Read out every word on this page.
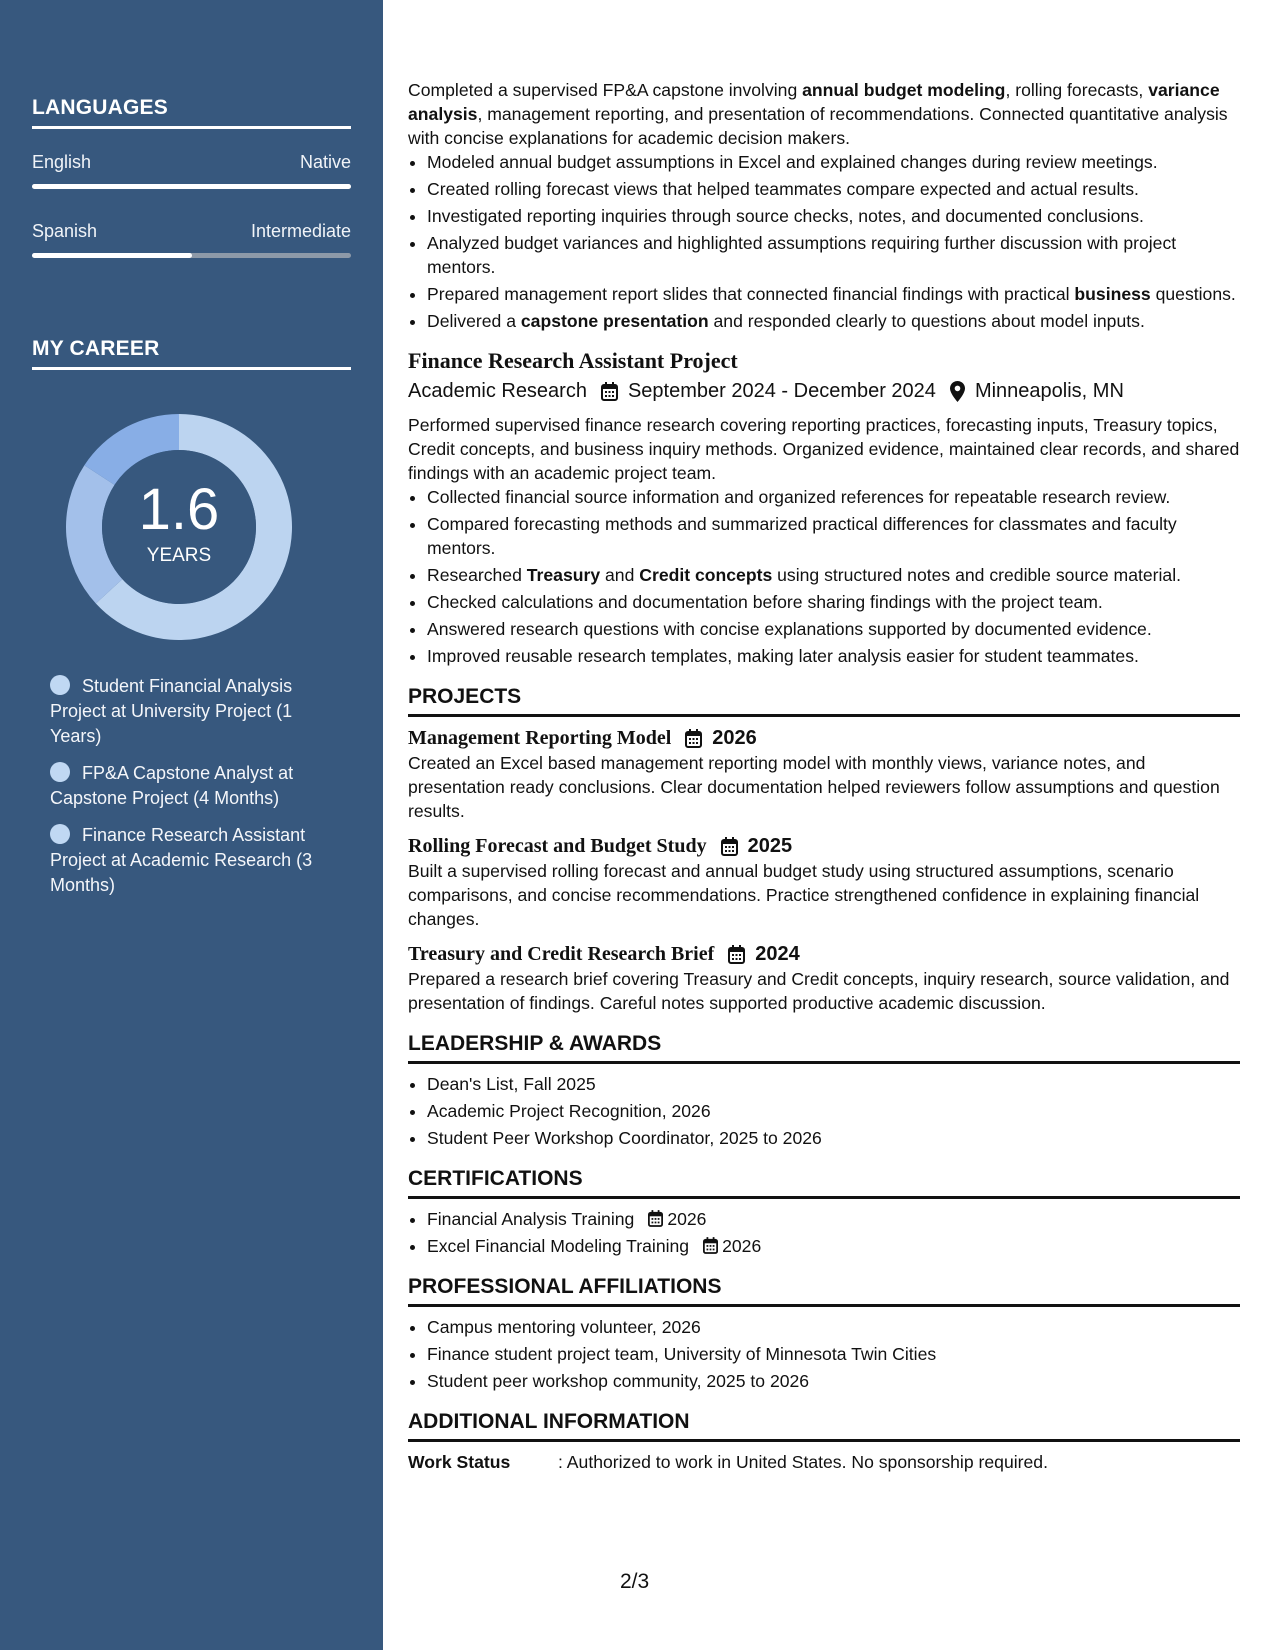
LANGUAGES
English	Native
Spanish	Intermediate
MY CAREER
1.6
YEARS
Student Financial Analysis Project at University Project (1 Years)
FP&A Capstone Analyst at Capstone Project (4 Months)
Finance Research Assistant Project at Academic Research (3 Months)

Completed a supervised FP&A capstone involving annual budget modeling, rolling forecasts, variance analysis, management reporting, and presentation of recommendations. Connected quantitative analysis with concise explanations for academic decision makers.

• Modeled annual budget assumptions in Excel and explained changes during review meetings.
• Created rolling forecast views that helped teammates compare expected and actual results.
• Investigated reporting inquiries through source checks, notes, and documented conclusions.
• Analyzed budget variances and highlighted assumptions requiring further discussion with project mentors.
• Prepared management report slides that connected financial findings with practical business questions.
• Delivered a capstone presentation and responded clearly to questions about model inputs.
Finance Research Assistant Project
Academic Research September 2024 - December 2024 Minneapolis, MN

Performed supervised finance research covering reporting practices, forecasting inputs, Treasury topics, Credit concepts, and business inquiry methods. Organized evidence, maintained clear records, and shared findings with an academic project team.

• Collected financial source information and organized references for repeatable research review.
• Compared forecasting methods and summarized practical differences for classmates and faculty mentors.
• Researched Treasury and Credit concepts using structured notes and credible source material.
• Checked calculations and documentation before sharing findings with the project team.
• Answered research questions with concise explanations supported by documented evidence.
• Improved reusable research templates, making later analysis easier for student teammates.
PROJECTS
Management Reporting Model 2026

Created an Excel based management reporting model with monthly views, variance notes, and presentation ready conclusions. Clear documentation helped reviewers follow assumptions and question results.

Rolling Forecast and Budget Study 2025

Built a supervised rolling forecast and annual budget study using structured assumptions, scenario comparisons, and concise recommendations. Practice strengthened confidence in explaining financial changes.

Treasury and Credit Research Brief 2024

Prepared a research brief covering Treasury and Credit concepts, inquiry research, source validation, and presentation of findings. Careful notes supported productive academic discussion.

LEADERSHIP & AWARDS
• Dean's List, Fall 2025
• Academic Project Recognition, 2026
• Student Peer Workshop Coordinator, 2025 to 2026
CERTIFICATIONS
• Financial Analysis Training 2026
• Excel Financial Modeling Training 2026
PROFESSIONAL AFFILIATIONS
• Campus mentoring volunteer, 2026
• Finance student project team, University of Minnesota Twin Cities
• Student peer workshop community, 2025 to 2026
ADDITIONAL INFORMATION
Work Status	: Authorized to work in United States. No sponsorship required.
2/3
